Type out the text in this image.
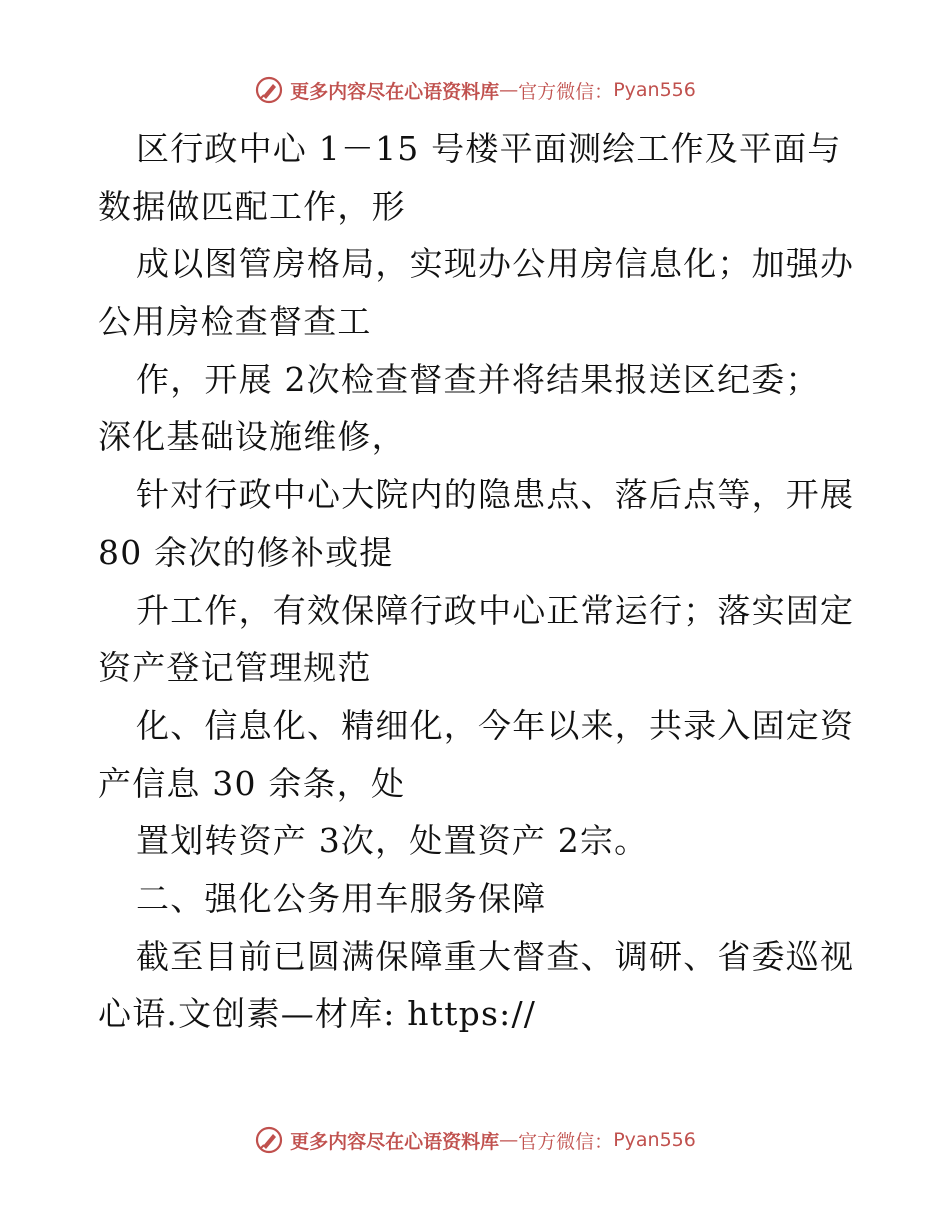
更多内容尽在心语资料库 — 官方微信： Pyan556
区行政中心 1－15 号楼平面测绘工作及平面与
数据做匹配工作，形
成以图管房格局，实现办公用房信息化；加强办
公用房检查督查工
作，开展 2次检查督查并将结果报送区纪委；
深化基础设施维修，
针对行政中心大院内的隐患点、落后点等，开展
80 余次的修补或提
升工作，有效保障行政中心正常运行；落实固定
资产登记管理规范
化、信息化、精细化，今年以来，共录入固定资
产信息 30 余条，处
置划转资产 3次，处置资产 2宗。
二、强化公务用车服务保障
截至目前已圆满保障重大督查、调研、省委巡视
心语.文创素—材库: https://
更多内容尽在心语资料库 — 官方微信： Pyan556
